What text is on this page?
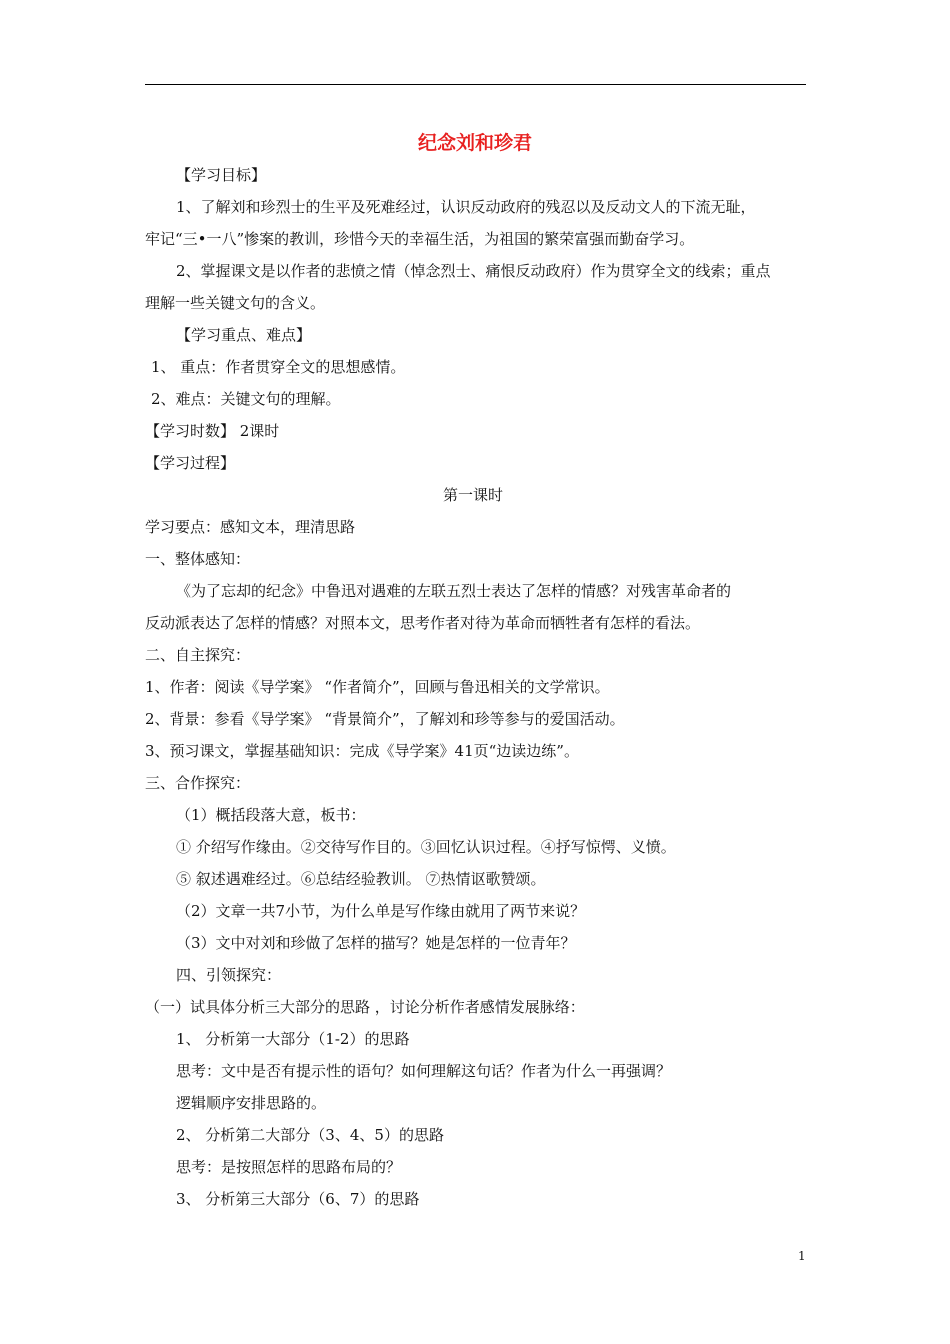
纪念刘和珍君
【学习目标】
1、了解刘和珍烈士的生平及死难经过，认识反动政府的残忍以及反动文人的下流无耻，
牢记“三•一八”惨案的教训，珍惜今天的幸福生活，为祖国的繁荣富强而勤奋学习。
2、掌握课文是以作者的悲愤之情（悼念烈士、痛恨反动政府）作为贯穿全文的线索；重点
理解一些关键文句的含义。
【学习重点、难点】
1、 重点：作者贯穿全文的思想感情。
2、难点：关键文句的理解。
【学习时数】 2课时
【学习过程】
第一课时
学习要点：感知文本，理清思路
一、整体感知：
《为了忘却的纪念》中鲁迅对遇难的左联五烈士表达了怎样的情感？对残害革命者的
反动派表达了怎样的情感？对照本文，思考作者对待为革命而牺牲者有怎样的看法。
二、自主探究：
1、作者：阅读《导学案》 “作者简介”，回顾与鲁迅相关的文学常识。
2、背景：参看《导学案》 “背景简介”，了解刘和珍等参与的爱国活动。
3、预习课文，掌握基础知识：完成《导学案》41页“边读边练”。
三、合作探究：
（1）概括段落大意，板书：
① 介绍写作缘由。②交待写作目的。③回忆认识过程。④抒写惊愕、义愤。
⑤ 叙述遇难经过。⑥总结经验教训。 ⑦热情讴歌赞颂。
（2）文章一共7小节，为什么单是写作缘由就用了两节来说？
（3）文中对刘和珍做了怎样的描写？她是怎样的一位青年？
四、引领探究：
（一）试具体分析三大部分的思路 ，讨论分析作者感情发展脉络：
1、 分析第一大部分（1-2）的思路
思考：文中是否有提示性的语句？如何理解这句话？作者为什么一再强调？
逻辑顺序安排思路的。
2、 分析第二大部分（3、4、5）的思路
思考：是按照怎样的思路布局的？
3、 分析第三大部分（6、7）的思路
1
